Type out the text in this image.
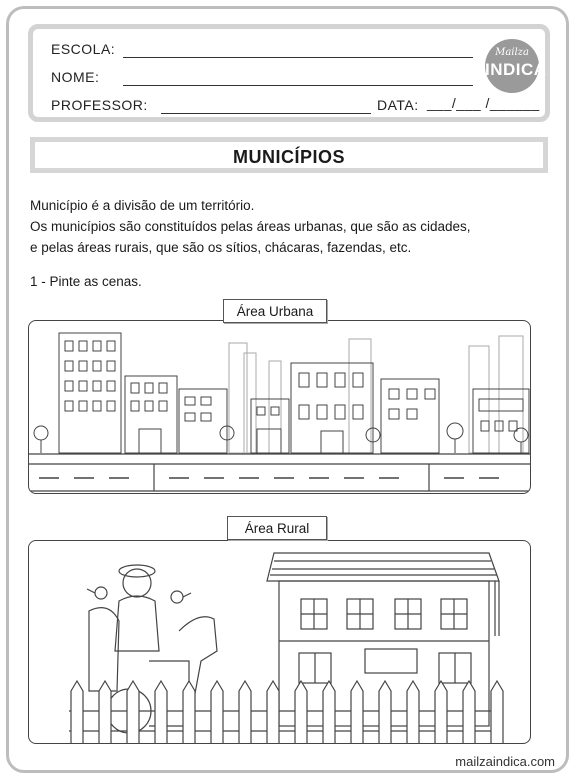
ESCOLA:
NOME:
PROFESSOR:	DATA: ___/___ /______
Mailza
INDICA
MUNICÍPIOS
Município é a divisão de um território.
Os municípios são constituídos pelas áreas urbanas, que são as cidades,
e pelas áreas rurais, que são os sítios, chácaras, fazendas, etc.
1 - Pinte as cenas.
Área Urbana
Área Rural
mailzaindica.com
